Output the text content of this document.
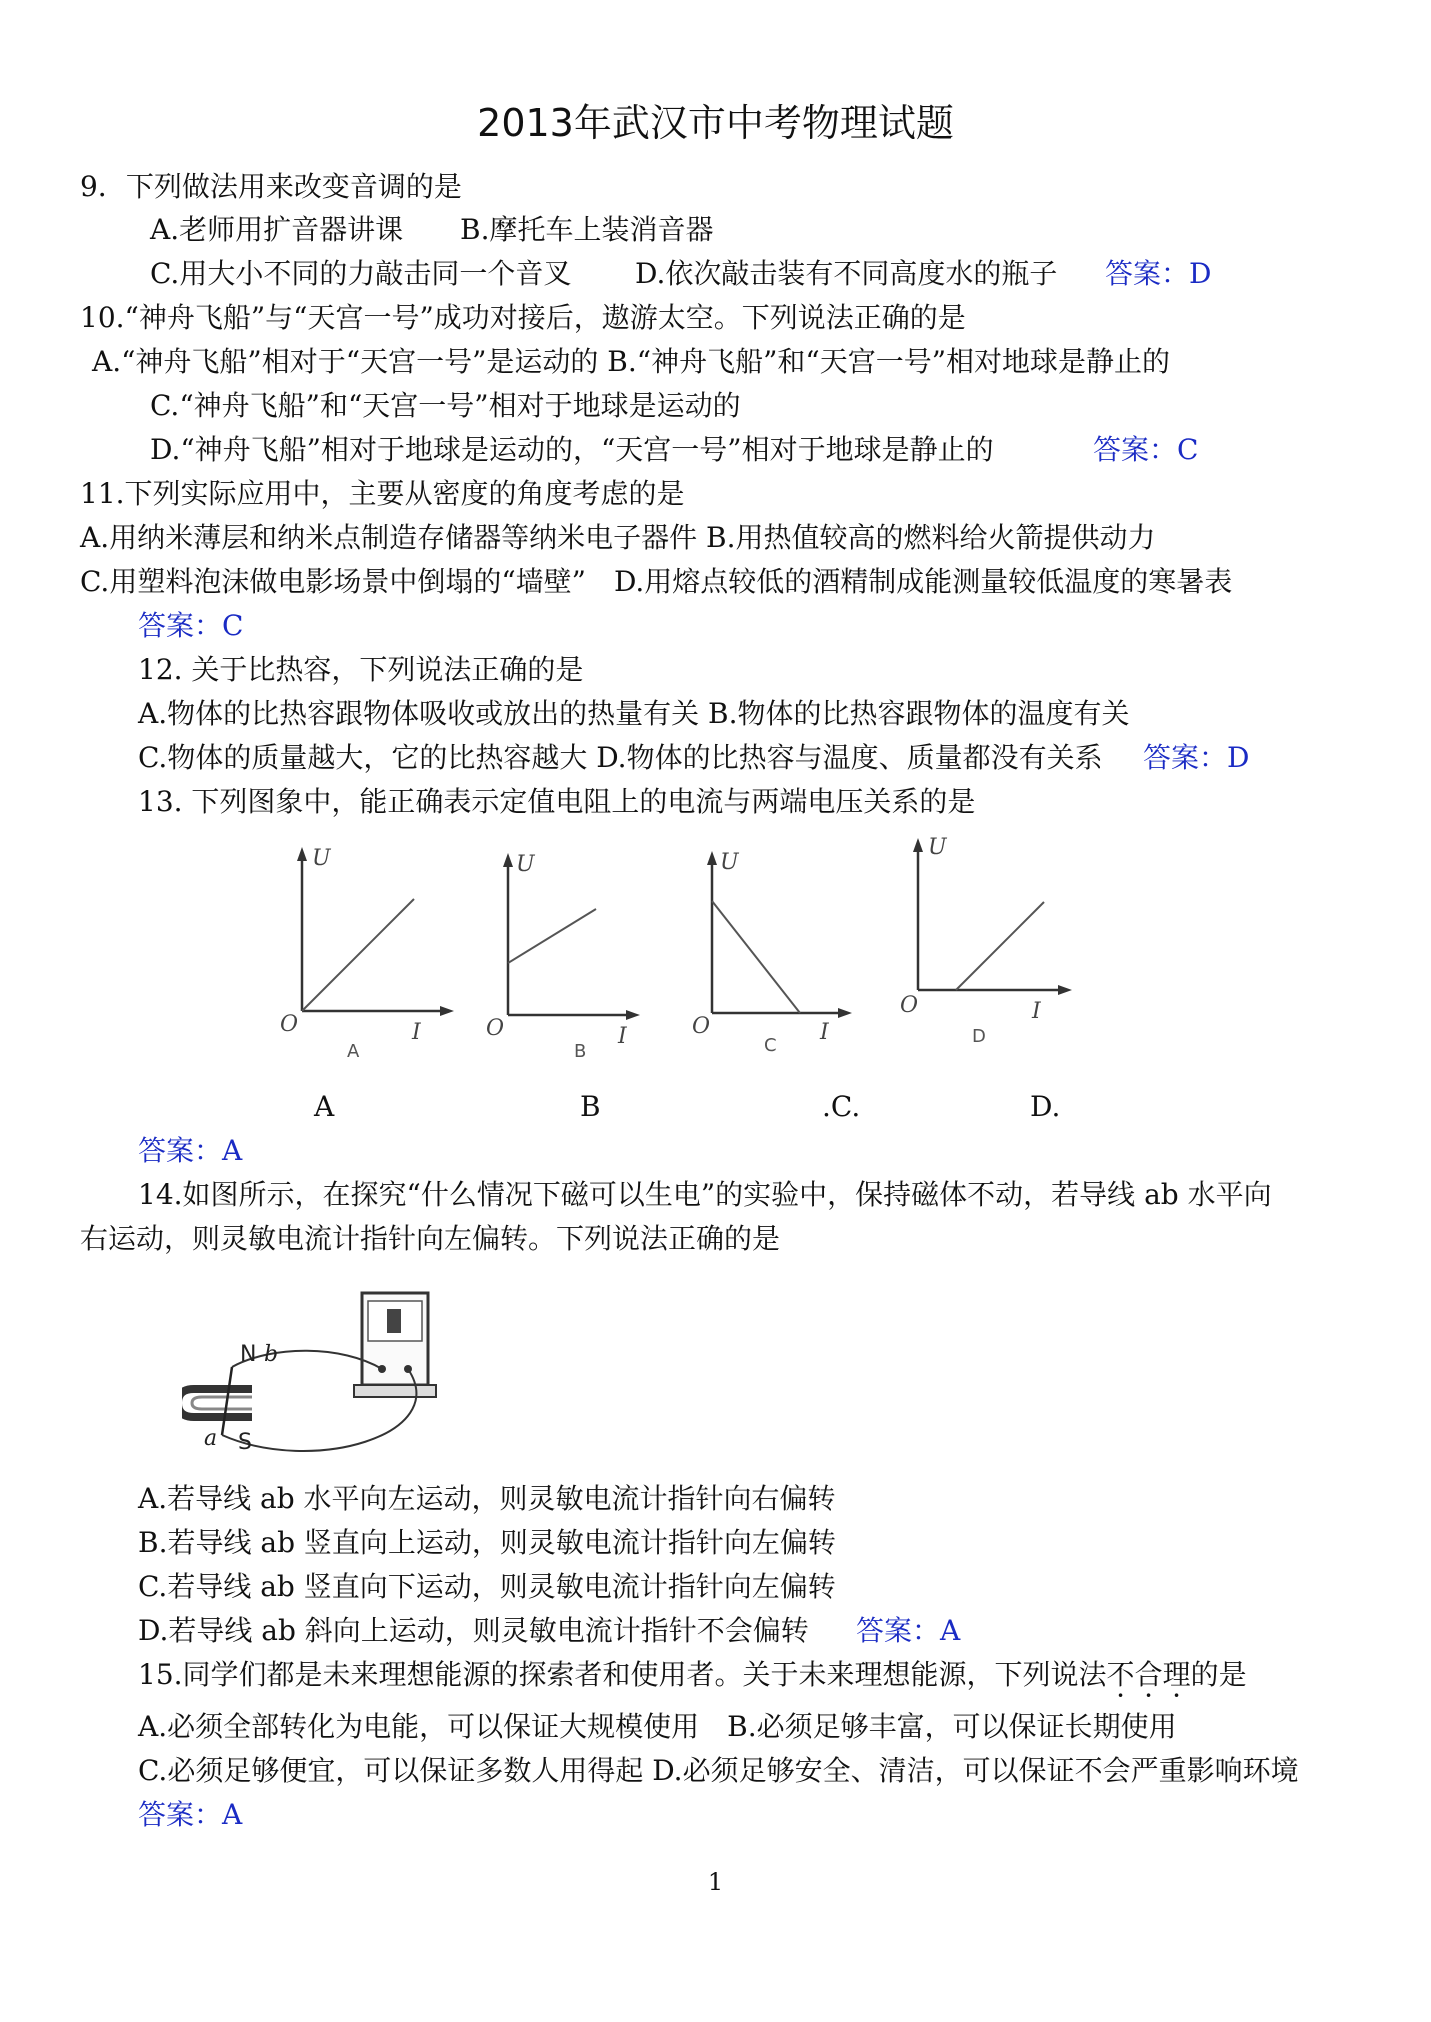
2013年武汉市中考物理试题
9．下列做法用来改变音调的是
A.老师用扩音器讲课 B.摩托车上装消音器
C.用大小不同的力敲击同一个音叉 D.依次敲击装有不同高度水的瓶子 答案：D
10.“神舟飞船”与“天宫一号”成功对接后，遨游太空。下列说法正确的是
A.“神舟飞船”相对于“天宫一号”是运动的 B.“神舟飞船”和“天宫一号”相对地球是静止的
C.“神舟飞船”和“天宫一号”相对于地球是运动的
D.“神舟飞船”相对于地球是运动的，“天宫一号”相对于地球是静止的	答案：C
11.下列实际应用中，主要从密度的角度考虑的是
A.用纳米薄层和纳米点制造存储器等纳米电子器件 B.用热值较高的燃料给火箭提供动力
C.用塑料泡沫做电影场景中倒塌的“墙壁”　D.用熔点较低的酒精制成能测量较低温度的寒暑表
答案：C
12. 关于比热容，下列说法正确的是
A.物体的比热容跟物体吸收或放出的热量有关 B.物体的比热容跟物体的温度有关
C.物体的质量越大，它的比热容越大 D.物体的比热容与温度、质量都没有关系 答案：D
13. 下列图象中，能正确表示定值电阻上的电流与两端电压关系的是
U
I
O
A
U
I
O
B
U
I
O
C
U
I
O
D
A	B	.C.	D.
答案：A
14.如图所示，在探究“什么情况下磁可以生电”的实验中，保持磁体不动，若导线 ab 水平向
右运动，则灵敏电流计指针向左偏转。下列说法正确的是
N b
S
a
A.若导线 ab 水平向左运动，则灵敏电流计指针向右偏转
B.若导线 ab 竖直向上运动，则灵敏电流计指针向左偏转
C.若导线 ab 竖直向下运动，则灵敏电流计指针向左偏转
D.若导线 ab 斜向上运动，则灵敏电流计指针不会偏转 答案：A
15.同学们都是未来理想能源的探索者和使用者。关于未来理想能源，下列说法不合理的是
A.必须全部转化为电能，可以保证大规模使用　B.必须足够丰富，可以保证长期使用
C.必须足够便宜，可以保证多数人用得起 D.必须足够安全、清洁，可以保证不会严重影响环境
答案：A
1
